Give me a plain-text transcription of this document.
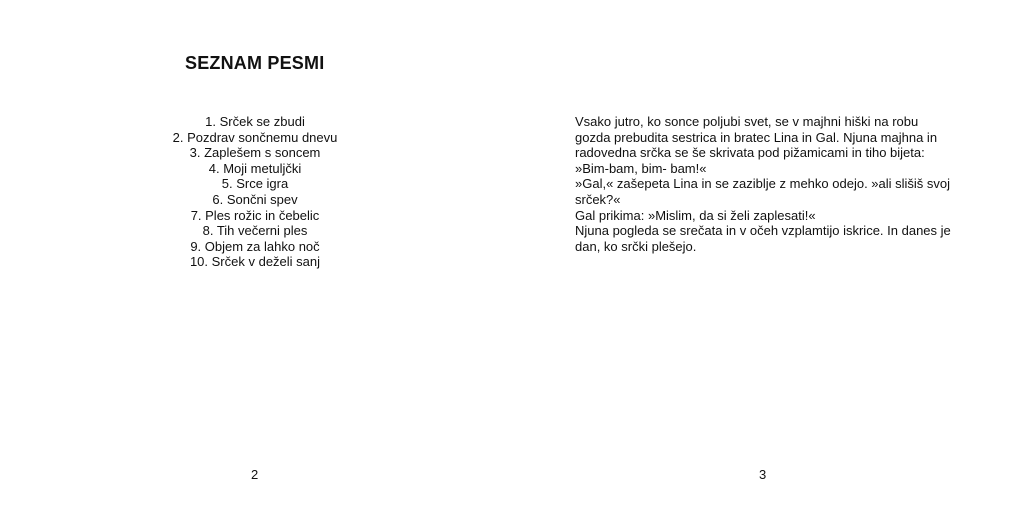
SEZNAM PESMI
1. Srček se zbudi
2. Pozdrav sončnemu dnevu
3. Zaplešem s soncem
4. Moji metuljčki
5. Srce igra
6. Sončni spev
7. Ples rožic in čebelic
8. Tih večerni ples
9. Objem za lahko noč
10. Srček v deželi sanj

2

Vsako jutro, ko sonce poljubi svet, se v majhni hiški na robu gozda prebudita sestrica in bratec Lina in Gal. Njuna majhna in radovedna srčka se še skrivata pod pižamicami in tiho bijeta:

»Bim-bam, bim- bam!«

»Gal,« zašepeta Lina in se zaziblje z mehko odejo. »ali slišiš svoj srček?«

Gal prikima: »Mislim, da si želi zaplesati!«

Njuna pogleda se srečata in v očeh vzplamtijo iskrice. In danes je dan, ko srčki plešejo.

3
